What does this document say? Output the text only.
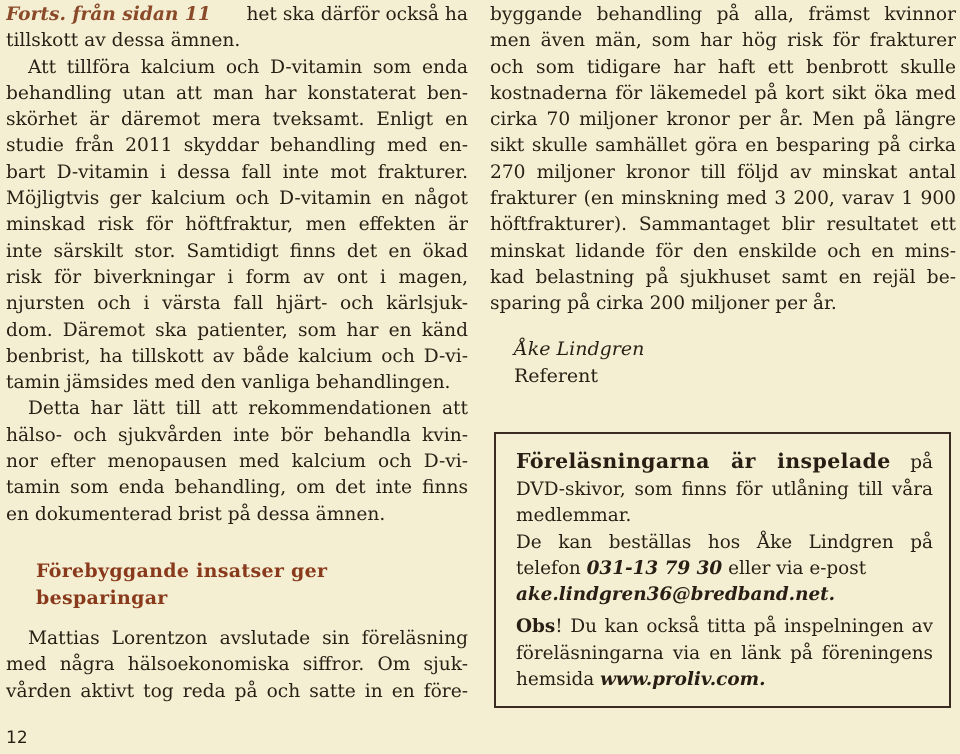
Forts. från sidan 11 het ska därför också ha
tillskott av dessa ämnen.
Att tillföra kalcium och D-vitamin som enda
behandling utan att man har konstaterat ben-
skörhet är däremot mera tveksamt. Enligt en
studie från 2011 skyddar behandling med en-
bart D-vitamin i dessa fall inte mot frakturer.
Möjligtvis ger kalcium och D-vitamin en något
minskad risk för höftfraktur, men effekten är
inte särskilt stor. Samtidigt finns det en ökad
risk för biverkningar i form av ont i magen,
njursten och i värsta fall hjärt- och kärlsjuk-
dom. Däremot ska patienter, som har en känd
benbrist, ha tillskott av både kalcium och D-vi-
tamin jämsides med den vanliga behandlingen.
Detta har lätt till att rekommendationen att
hälso- och sjukvården inte bör behandla kvin-
nor efter menopausen med kalcium och D-vi-
tamin som enda behandling, om det inte finns
en dokumenterad brist på dessa ämnen.
Förebyggande insatser ger
besparingar
Mattias Lorentzon avslutade sin föreläsning
med några hälsoekonomiska siffror. Om sjuk-
vården aktivt tog reda på och satte in en före-
byggande behandling på alla, främst kvinnor
men även män, som har hög risk för frakturer
och som tidigare har haft ett benbrott skulle
kostnaderna för läkemedel på kort sikt öka med
cirka 70 miljoner kronor per år. Men på längre
sikt skulle samhället göra en besparing på cirka
270 miljoner kronor till följd av minskat antal
frakturer (en minskning med 3 200, varav 1 900
höftfrakturer). Sammantaget blir resultatet ett
minskat lidande för den enskilde och en mins-
kad belastning på sjukhuset samt en rejäl be-
sparing på cirka 200 miljoner per år.
Åke Lindgren
Referent
Föreläsningarna är inspelade på
DVD-skivor, som finns för utlåning till våra
medlemmar.
De kan beställas hos Åke Lindgren på
telefon 031-13 79 30 eller via e-post
ake.lindgren36@bredband.net.
Obs! Du kan också titta på inspelningen av
föreläsningarna via en länk på föreningens
hemsida www.proliv.com.
12
